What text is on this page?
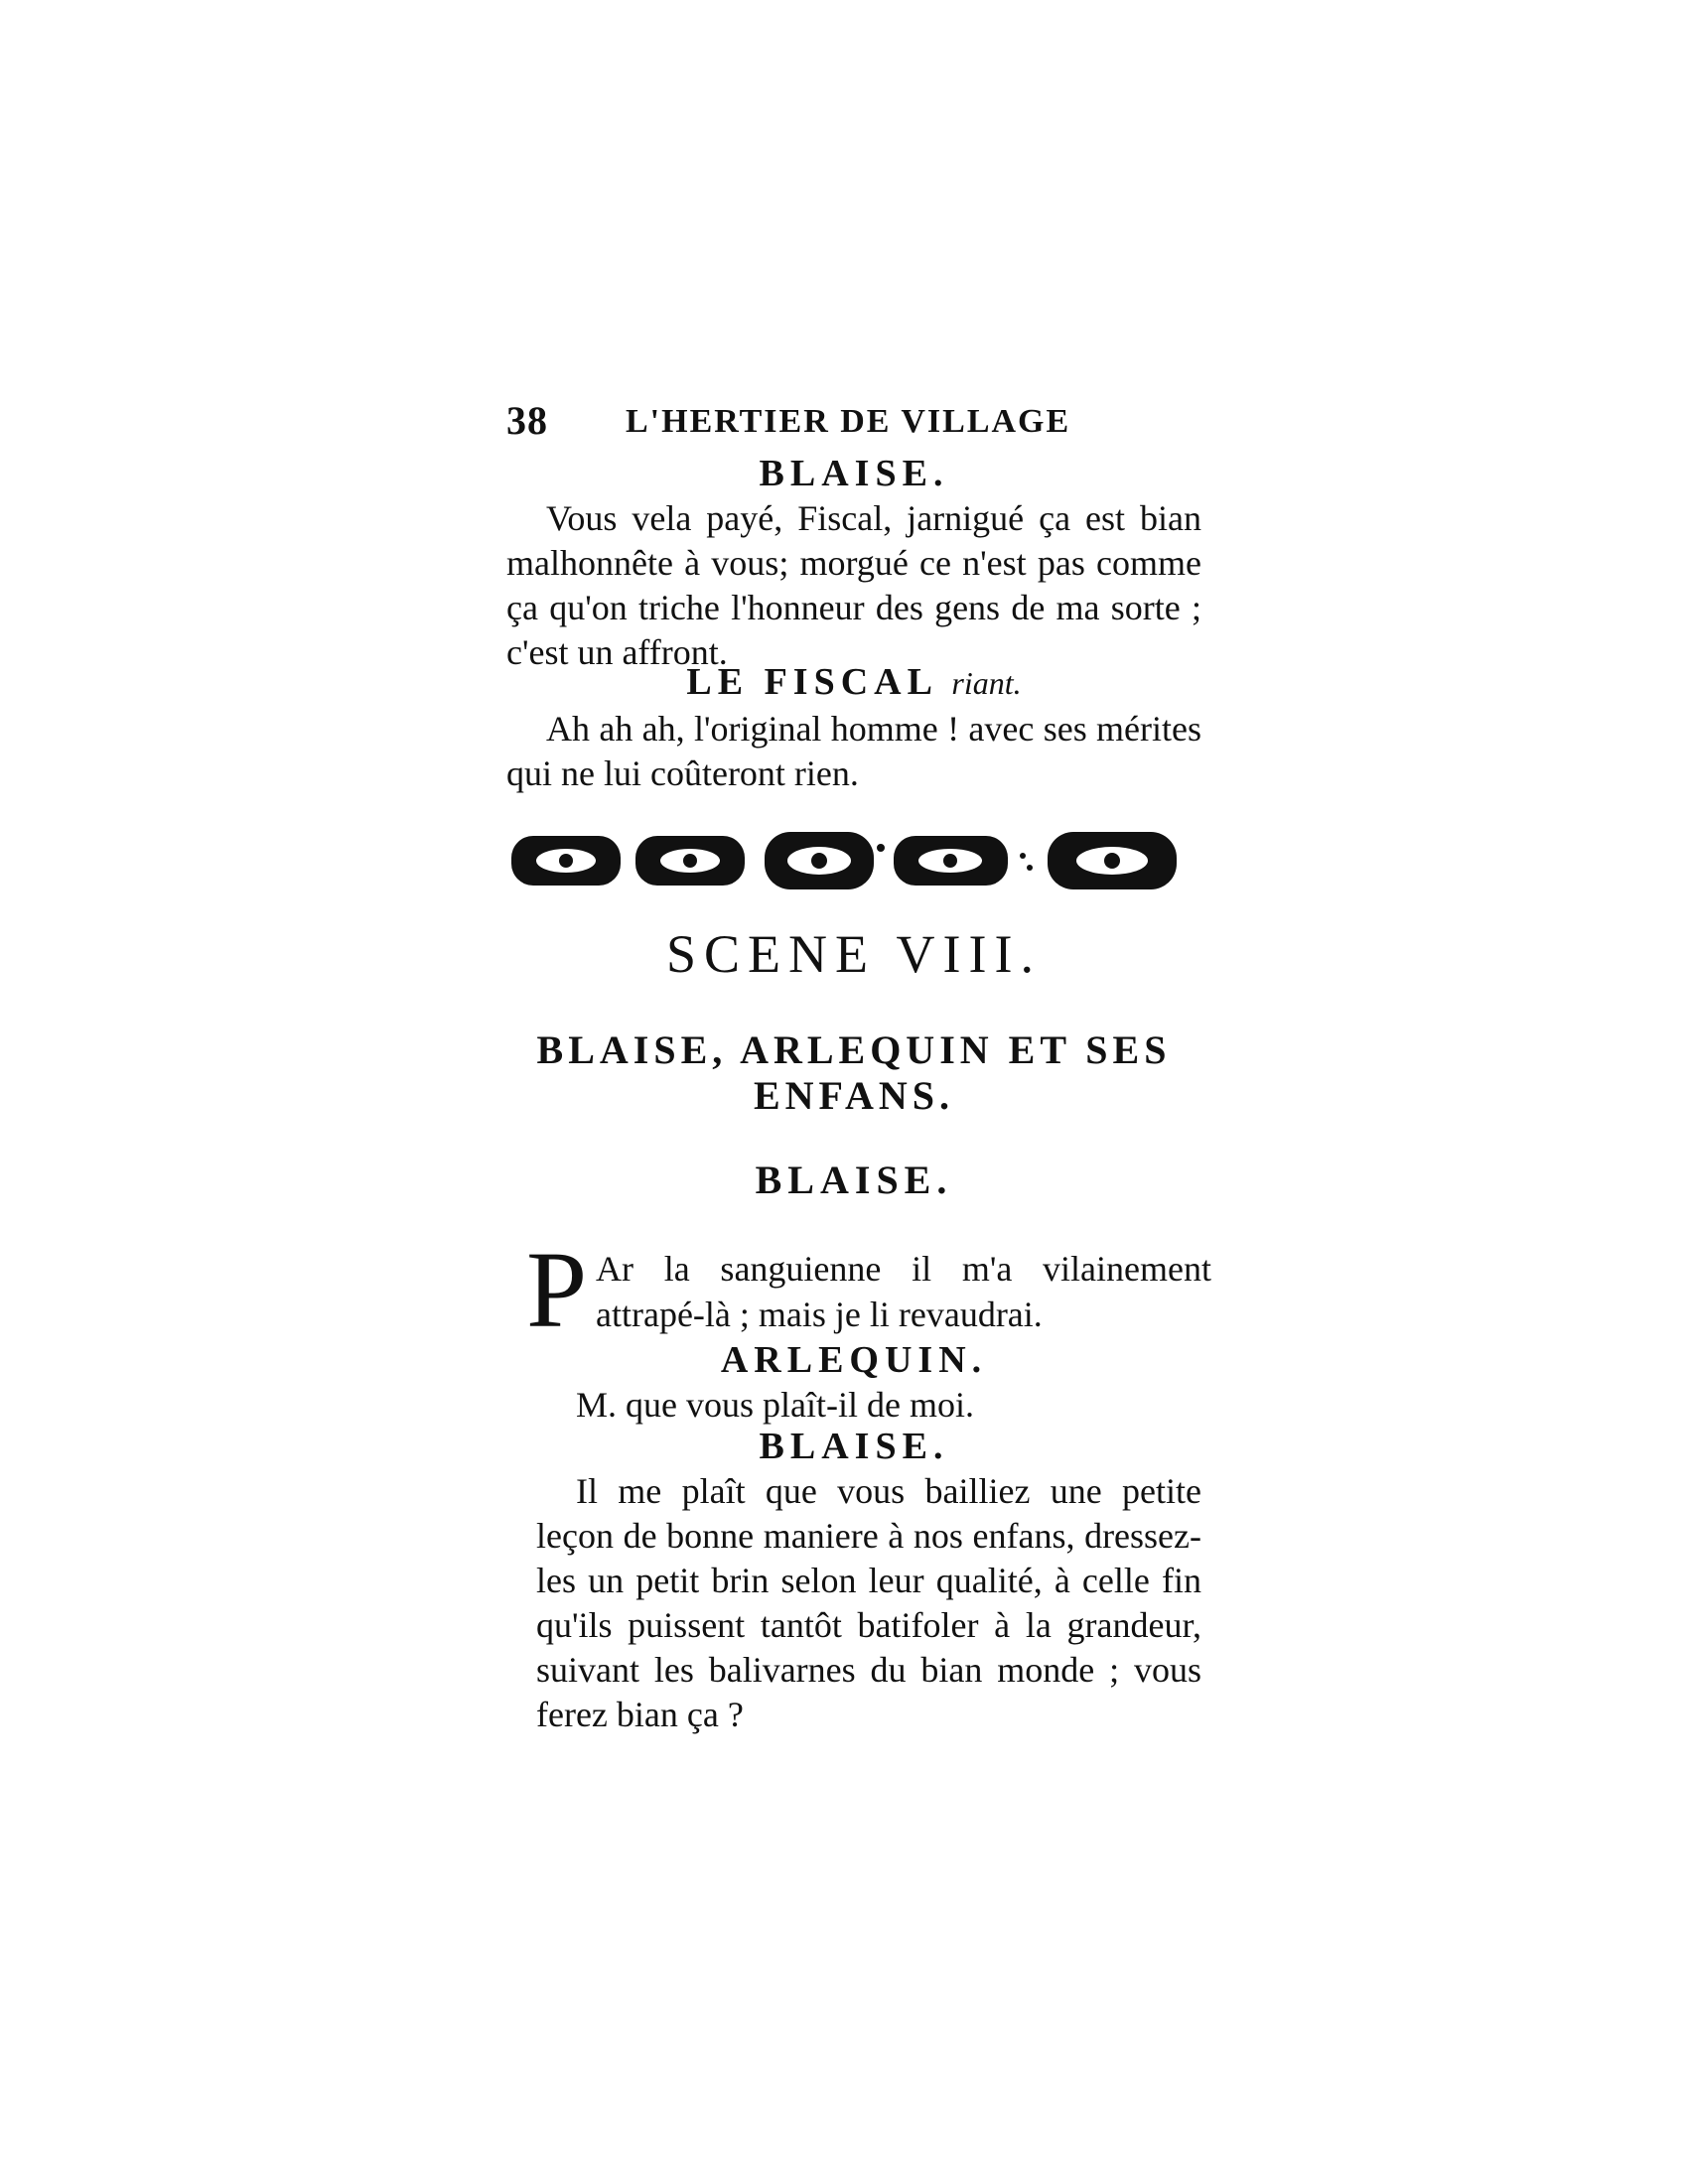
38 L'HERTIER DE VILLAGE
BLAISE.
Vous vela payé, Fiscal, jarnigué ça est bian malhonnête à vous; morgué ce n'est pas comme ça qu'on triche l'honneur des gens de ma sorte ; c'est un affront.
LE FISCAL riant.
Ah ah ah, l'original homme ! avec ses mérites qui ne lui coûteront rien.
SCENE VIII.
BLAISE, ARLEQUIN ET SES
ENFANS.
BLAISE.
P Ar la sanguienne il m'a vilainement attrapé-là ; mais je li revaudrai.
ARLEQUIN.
M. que vous plaît-il de moi.
BLAISE.
Il me plaît que vous bailliez une petite leçon de bonne maniere à nos enfans, dressez-les un petit brin selon leur qualité, à celle fin qu'ils puissent tantôt batifoler à la grandeur, suivant les balivarnes du bian monde ; vous ferez bian ça ?
